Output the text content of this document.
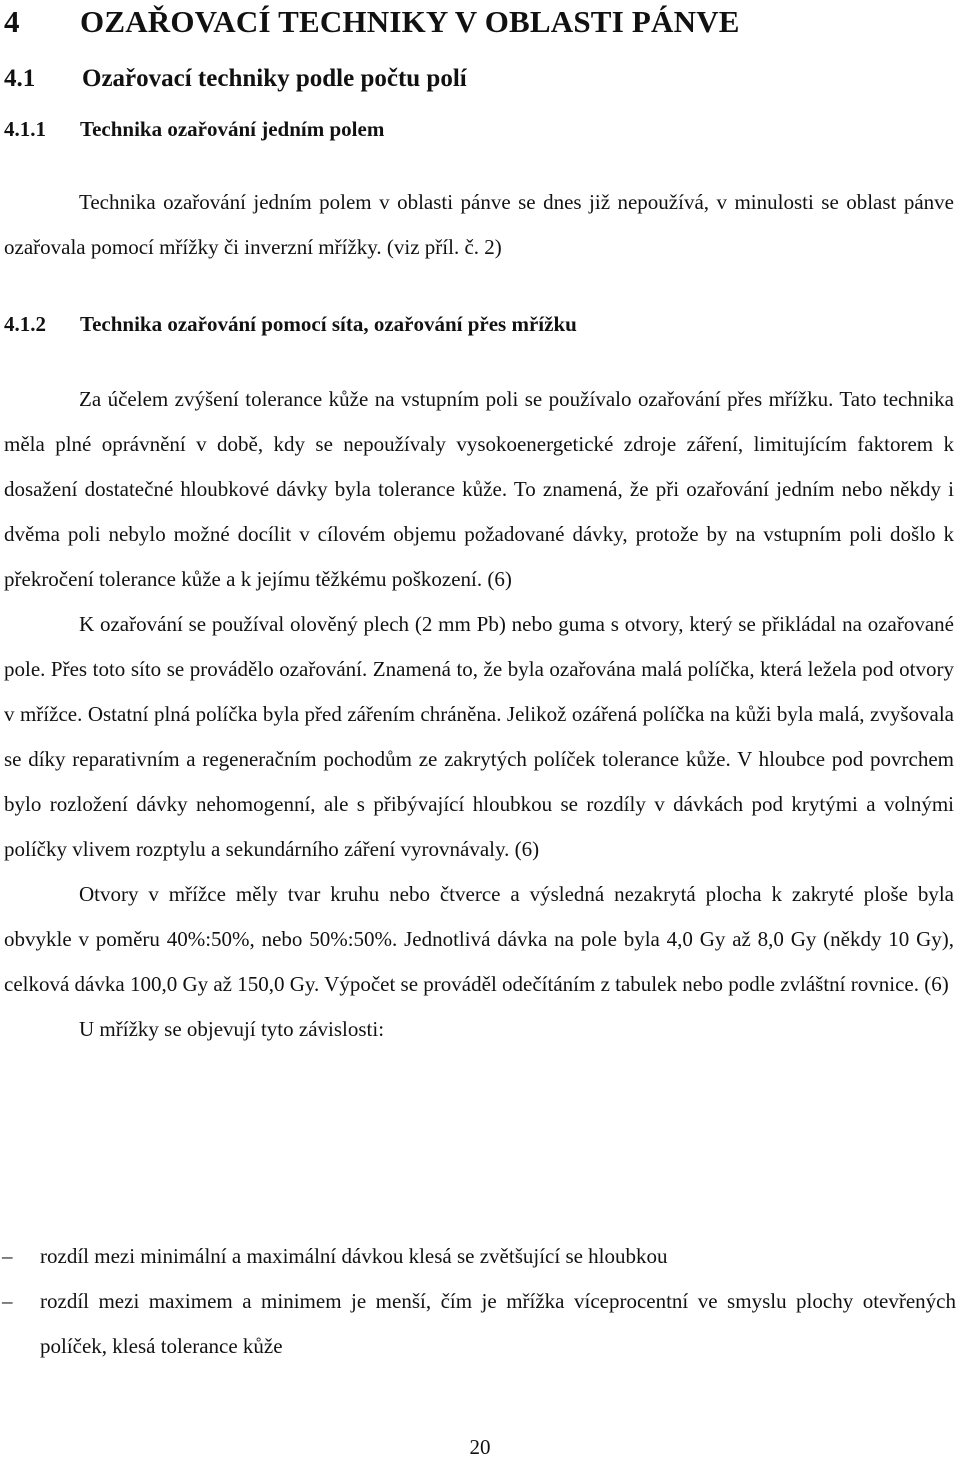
4 OZAŘOVACÍ TECHNIKY V OBLASTI PÁNVE
4.1 Ozařovací techniky podle počtu polí
4.1.1 Technika ozařování jedním polem

Technika ozařování jedním polem v oblasti pánve se dnes již nepoužívá, v minulosti se oblast pánve ozařovala pomocí mřížky či inverzní mřížky. (viz příl. č. 2)

4.1.2 Technika ozařování pomocí síta, ozařování přes mřížku

Za účelem zvýšení tolerance kůže na vstupním poli se používalo ozařování přes mřížku. Tato technika měla plné oprávnění v době, kdy se nepoužívaly vysokoenergetické zdroje záření, limitujícím faktorem k dosažení dostatečné hloubkové dávky byla tolerance kůže. To znamená, že při ozařování jedním nebo někdy i dvěma poli nebylo možné docílit v cílovém objemu požadované dávky, protože by na vstupním poli došlo k překročení tolerance kůže a k jejímu těžkému poškození. (6)

K ozařování se používal olověný plech (2 mm Pb) nebo guma s otvory, který se přikládal na ozařované pole. Přes toto síto se provádělo ozařování. Znamená to, že byla ozařována malá políčka, která ležela pod otvory v mřížce. Ostatní plná políčka byla před zářením chráněna. Jelikož ozářená políčka na kůži byla malá, zvyšovala se díky reparativním a regeneračním pochodům ze zakrytých políček tolerance kůže. V hloubce pod povrchem bylo rozložení dávky nehomogenní, ale s přibývající hloubkou se rozdíly v dávkách pod krytými a volnými políčky vlivem rozptylu a sekundárního záření vyrovnávaly. (6)

Otvory v mřížce měly tvar kruhu nebo čtverce a výsledná nezakrytá plocha k zakryté ploše byla obvykle v poměru 40%:50%, nebo 50%:50%. Jednotlivá dávka na pole byla 4,0 Gy až 8,0 Gy (někdy 10 Gy), celková dávka 100,0 Gy až 150,0 Gy. Výpočet se prováděl odečítáním z tabulek nebo podle zvláštní rovnice. (6)

U mřížky se objevují tyto závislosti:

–	rozdíl mezi minimální a maximální dávkou klesá se zvětšující se hloubkou
–	rozdíl mezi maximem a minimem je menší, čím je mřížka víceprocentní ve smyslu plochy otevřených políček, klesá tolerance kůže
20
